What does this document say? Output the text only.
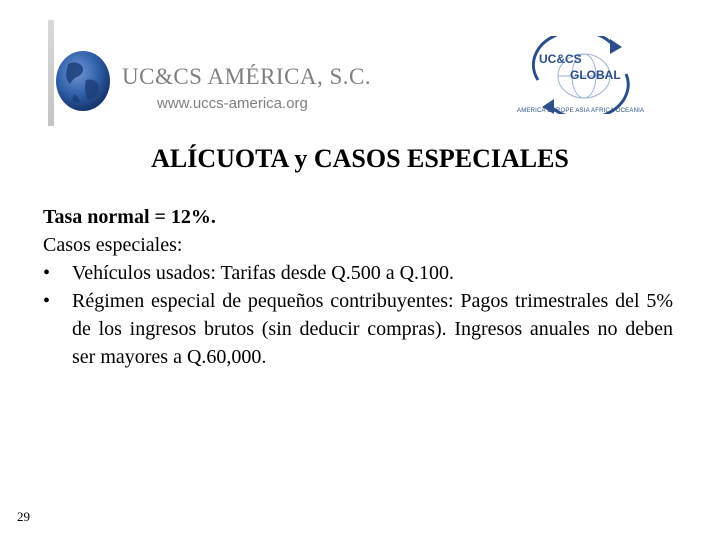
UC&CS AMÉRICA, S.C.
www.uccs-america.org
UC&CS
GLOBAL
AMERICA EUROPE ASIA AFRICA OCEANIA
ALÍCUOTA y CASOS ESPECIALES
Tasa normal = 12%.
Casos especiales:
• Vehículos usados: Tarifas desde Q.500 a Q.100.
• Régimen especial de pequeños contribuyentes: Pagos trimestrales del 5% de los ingresos brutos (sin deducir compras). Ingresos anuales no deben ser mayores a Q.60,000.
29
